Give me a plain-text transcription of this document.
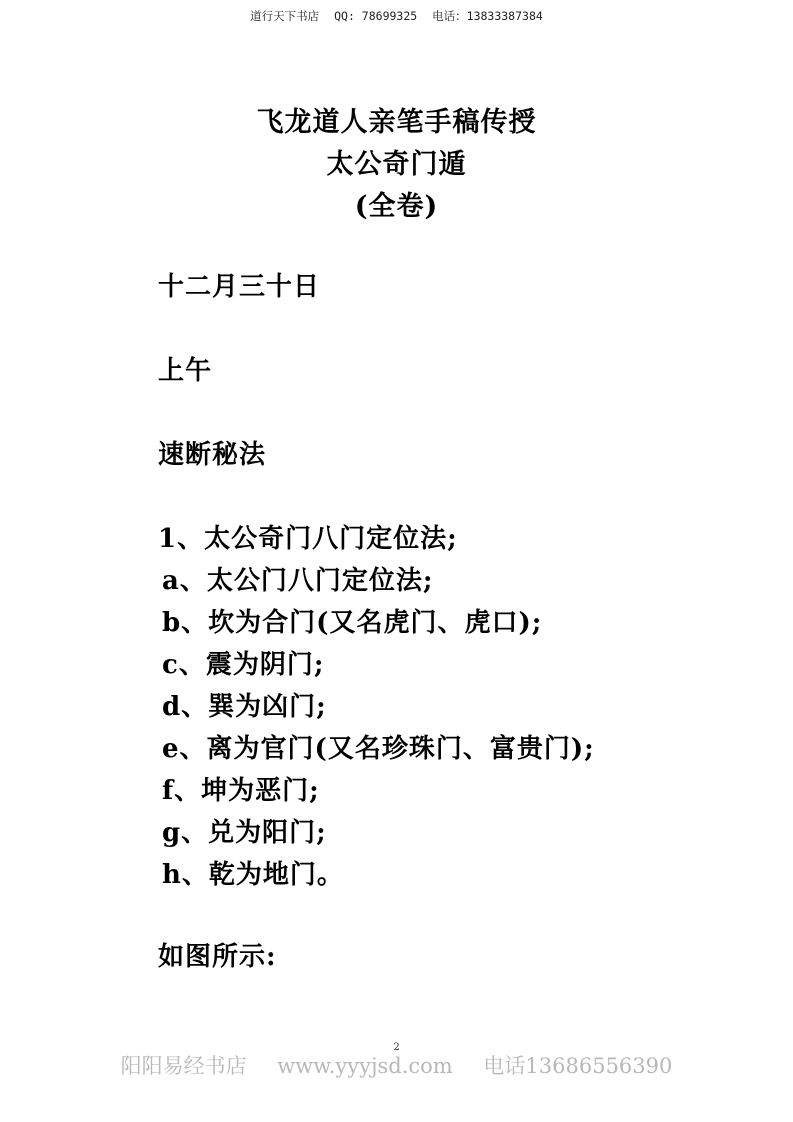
道行天下书店 QQ: 78699325 电话：13833387384
飞龙道人亲笔手稿传授
太公奇门遁
(全卷)
十二月三十日
上午
速断秘法
1、太公奇门八门定位法;
a、太公门八门定位法;
b、坎为合门(又名虎门、虎口);
c、震为阴门;
d、巽为凶门;
e、离为官门(又名珍珠门、富贵门);
f、坤为恶门;
g、兑为阳门;
h、乾为地门。
如图所示:
2
阳阳易经书店 www.yyyjsd.com 电话13686556390
